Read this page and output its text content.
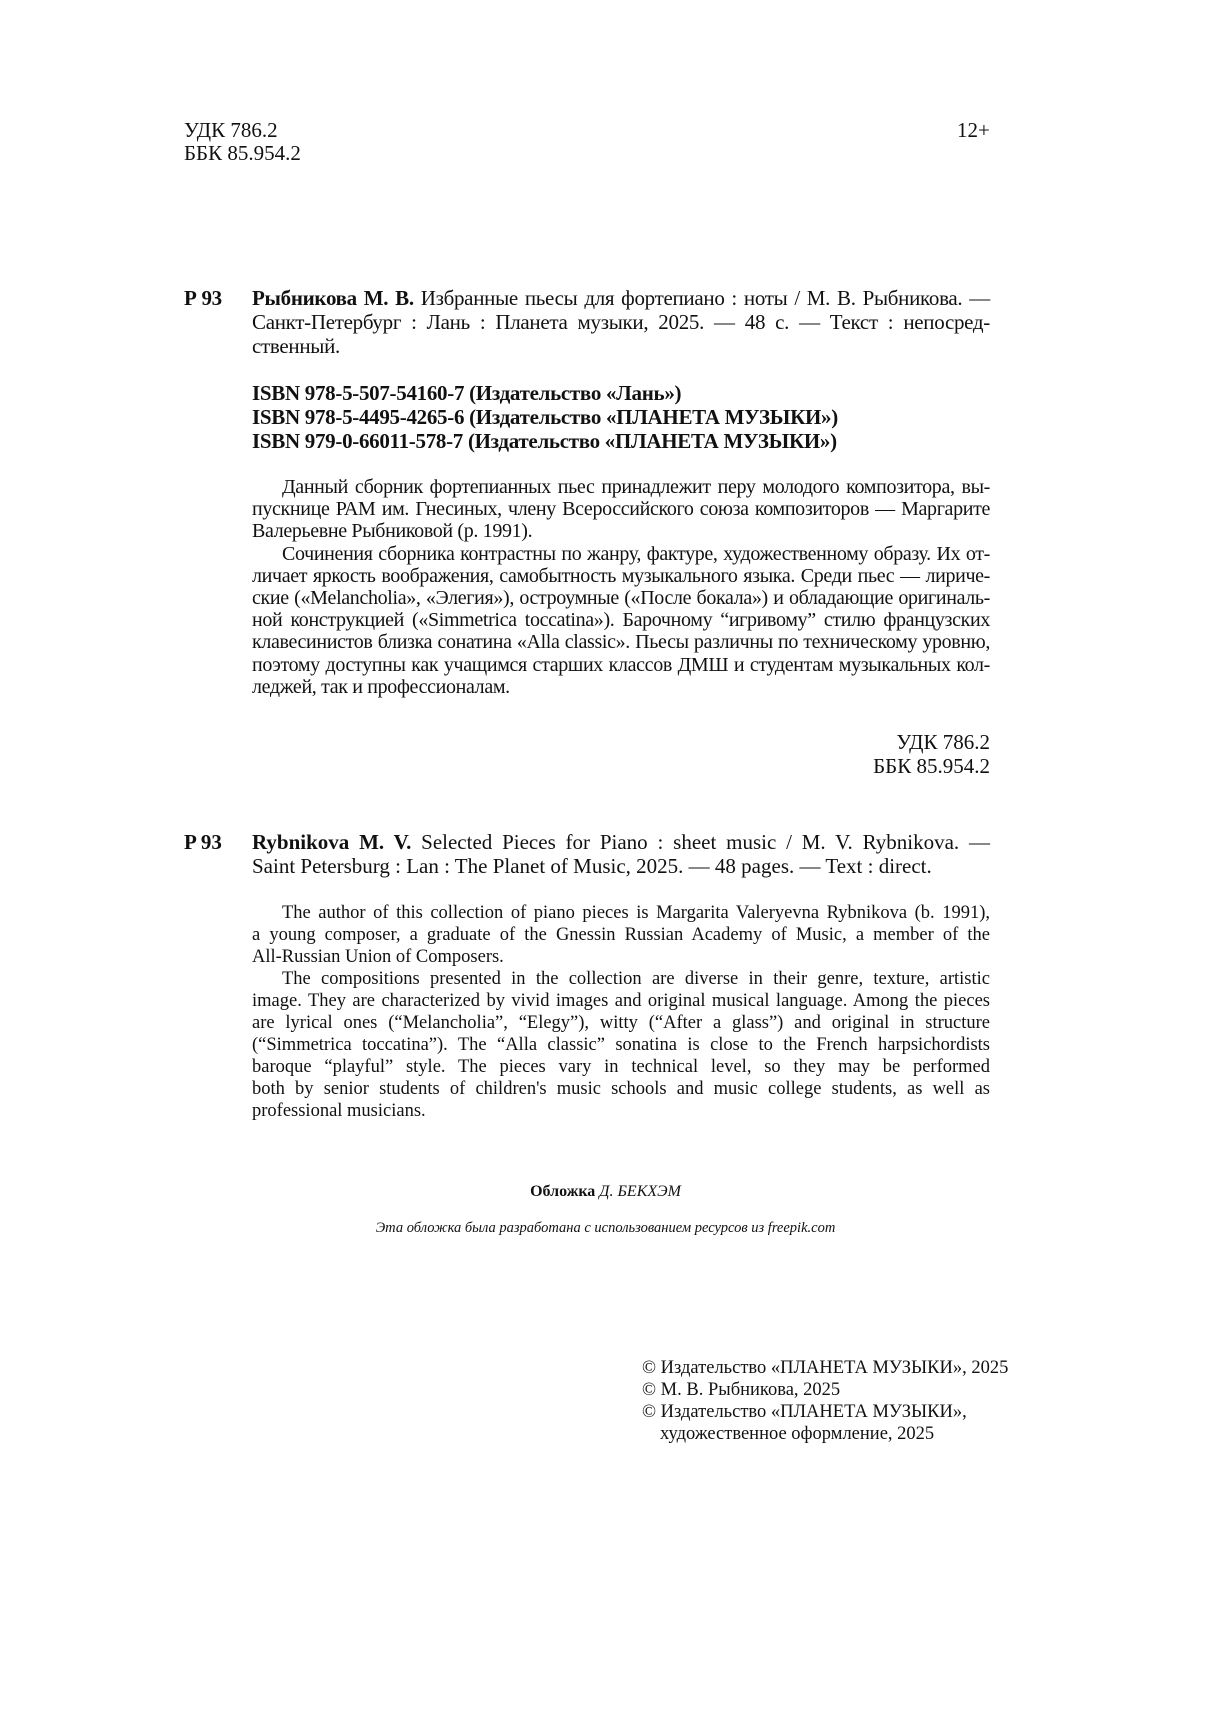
УДК 786.2
ББК 85.954.2
12+
Р 93 Рыбникова М. В. Избранные пьесы для фортепиано : ноты / М. В. Рыбникова. —
Санкт-Петербург : Лань : Планета музыки, 2025. — 48 с. — Текст : непосред-
ственный.
ISBN 978-5-507-54160-7 (Издательство «Лань»)
ISBN 978-5-4495-4265-6 (Издательство «ПЛАНЕТА МУЗЫКИ»)
ISBN 979-0-66011-578-7 (Издательство «ПЛАНЕТА МУЗЫКИ»)
Данный сборник фортепианных пьес принадлежит перу молодого композитора, вы-
пускнице РАМ им. Гнесиных, члену Всероссийского союза композиторов — Маргарите
Валерьевне Рыбниковой (р. 1991).
Сочинения сборника контрастны по жанру, фактуре, художественному образу. Их от-
личает яркость воображения, самобытность музыкального языка. Среди пьес — лириче-
ские («Melancholia», «Элегия»), остроумные («После бокала») и обладающие оригиналь-
ной конструкцией («Simmetrica toccatina»). Барочному “игривому” стилю французских
клавесинистов близка сонатина «Alla classic». Пьесы различны по техническому уровню,
поэтому доступны как учащимся старших классов ДМШ и студентам музыкальных кол-
леджей, так и профессионалам.
УДК 786.2
ББК 85.954.2
P 93 Rybnikova M. V. Selected Pieces for Piano : sheet music / M. V. Rybnikova. —
Saint Petersburg : Lan : The Planet of Music, 2025. — 48 pages. — Text : direct.
The author of this collection of piano pieces is Margarita Valeryevna Rybnikova (b. 1991),
a young composer, a graduate of the Gnessin Russian Academy of Music, a member of the
All-Russian Union of Composers.
The compositions presented in the collection are diverse in their genre, texture, artistic
image. They are characterized by vivid images and original musical language. Among the pieces
are lyrical ones (“Melancholia”, “Elegy”), witty (“After a glass”) and original in structure
(“Simmetrica toccatina”). The “Alla classic” sonatina is close to the French harpsichordists
baroque “playful” style. The pieces vary in technical level, so they may be performed
both by senior students of children's music schools and music college students, as well as
professional musicians.
Обложка Д. БЕКХЭМ
Эта обложка была разработана с использованием ресурсов из freepik.com
© Издательство «ПЛАНЕТА МУЗЫКИ», 2025
© М. В. Рыбникова, 2025
© Издательство «ПЛАНЕТА МУЗЫКИ»,
художественное оформление, 2025
